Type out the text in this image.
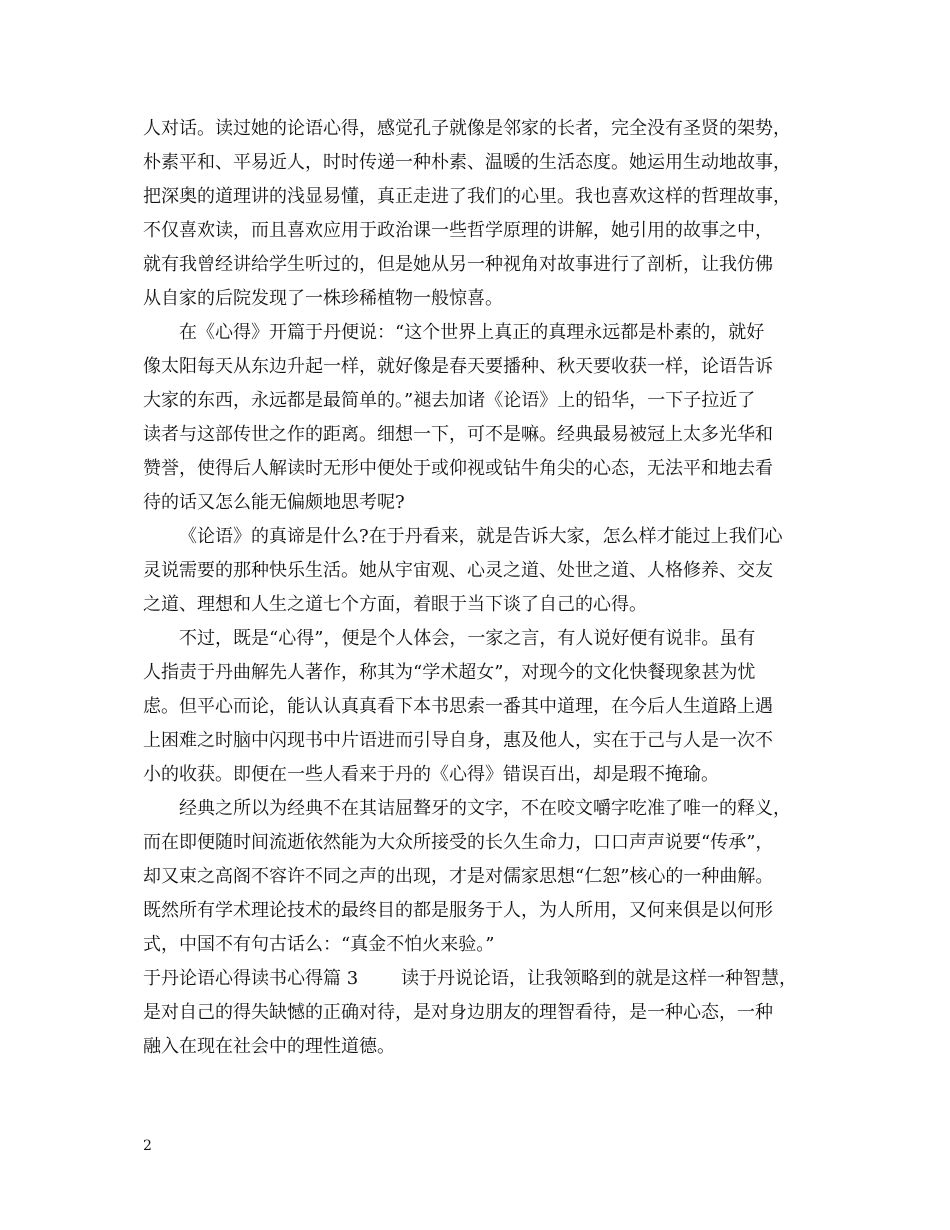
人对话。读过她的论语心得，感觉孔子就像是邻家的长者，完全没有圣贤的架势，
朴素平和、平易近人，时时传递一种朴素、温暖的生活态度。她运用生动地故事，
把深奥的道理讲的浅显易懂，真正走进了我们的心里。我也喜欢这样的哲理故事，
不仅喜欢读，而且喜欢应用于政治课一些哲学原理的讲解，她引用的故事之中，
就有我曾经讲给学生听过的，但是她从另一种视角对故事进行了剖析，让我仿佛
从自家的后院发现了一株珍稀植物一般惊喜。
在《心得》开篇于丹便说：“这个世界上真正的真理永远都是朴素的，就好
像太阳每天从东边升起一样，就好像是春天要播种、秋天要收获一样，论语告诉
大家的东西，永远都是最简单的。”褪去加诸《论语》上的铅华，一下子拉近了
读者与这部传世之作的距离。细想一下，可不是嘛。经典最易被冠上太多光华和
赞誉，使得后人解读时无形中便处于或仰视或钻牛角尖的心态，无法平和地去看
待的话又怎么能无偏颇地思考呢?
《论语》的真谛是什么?在于丹看来，就是告诉大家，怎么样才能过上我们心
灵说需要的那种快乐生活。她从宇宙观、心灵之道、处世之道、人格修养、交友
之道、理想和人生之道七个方面，着眼于当下谈了自己的心得。
不过，既是“心得”，便是个人体会，一家之言，有人说好便有说非。虽有
人指责于丹曲解先人著作，称其为“学术超女”，对现今的文化快餐现象甚为忧
虑。但平心而论，能认认真真看下本书思索一番其中道理，在今后人生道路上遇
上困难之时脑中闪现书中片语进而引导自身，惠及他人，实在于己与人是一次不
小的收获。即便在一些人看来于丹的《心得》错误百出，却是瑕不掩瑜。
经典之所以为经典不在其诘屈聱牙的文字，不在咬文嚼字吃准了唯一的释义，
而在即便随时间流逝依然能为大众所接受的长久生命力，口口声声说要“传承”，
却又束之高阁不容许不同之声的出现，才是对儒家思想“仁恕”核心的一种曲解。
既然所有学术理论技术的最终目的都是服务于人，为人所用，又何来俱是以何形
式，中国不有句古话么：“真金不怕火来验。”
于丹论语心得读书心得篇 3 读于丹说论语，让我领略到的就是这样一种智慧，
是对自己的得失缺憾的正确对待，是对身边朋友的理智看待，是一种心态，一种
融入在现在社会中的理性道德。
2
